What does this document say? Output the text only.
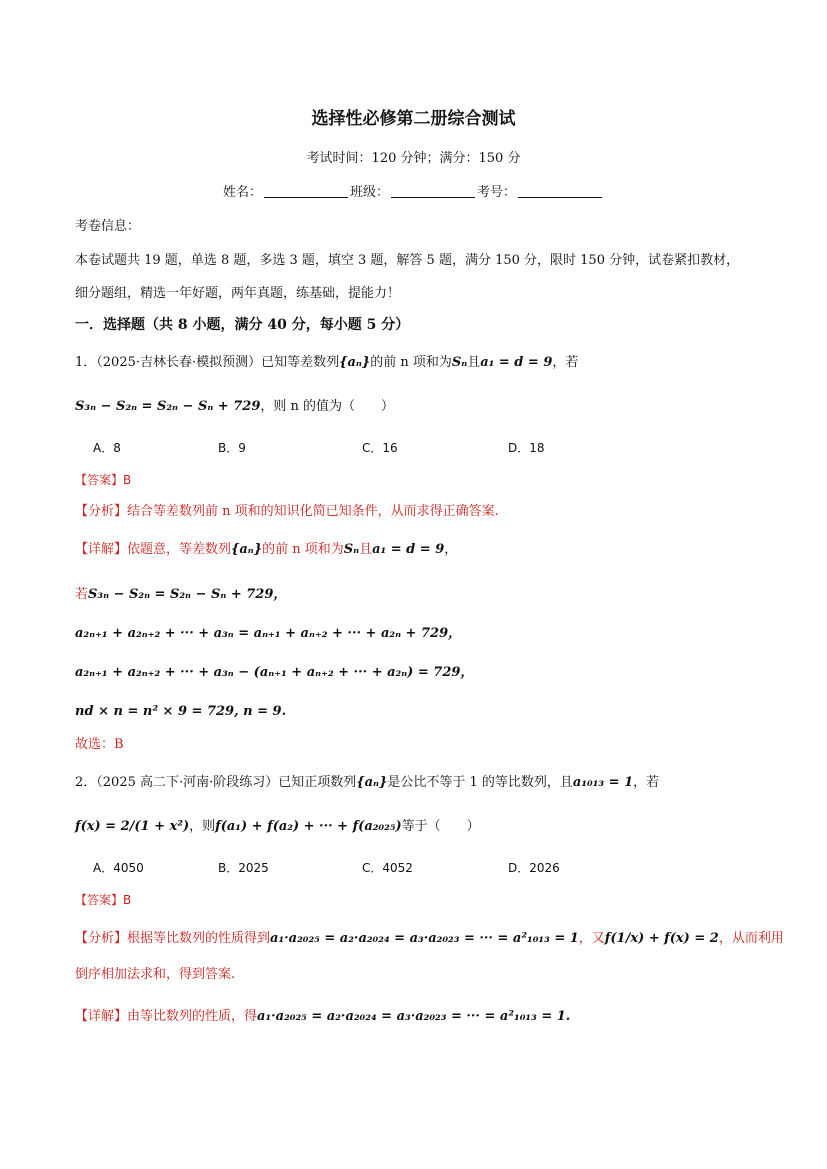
选择性必修第二册综合测试
考试时间：120 分钟；满分：150 分
姓名：	班级：	考号：
考卷信息：
本卷试题共 19 题，单选 8 题，多选 3 题，填空 3 题，解答 5 题，满分 150 分，限时 150 分钟，试卷紧扣教材，
细分题组，精选一年好题，两年真题，练基础，提能力！
一．选择题（共 8 小题，满分 40 分，每小题 5 分）
1．（2025·吉林长春·模拟预测）已知等差数列{aₙ}的前 n 项和为Sₙ且a₁ = d = 9，若
S₃ₙ − S₂ₙ = S₂ₙ − Sₙ + 729，则 n 的值为（　　）
A．8	B．9	C．16	D．18
【答案】B
【分析】结合等差数列前 n 项和的知识化简已知条件，从而求得正确答案.
【详解】依题意，等差数列{aₙ}的前 n 项和为Sₙ且a₁ = d = 9，
若S₃ₙ − S₂ₙ = S₂ₙ − Sₙ + 729，
a₂ₙ₊₁ + a₂ₙ₊₂ + ··· + a₃ₙ = aₙ₊₁ + aₙ₊₂ + ··· + a₂ₙ + 729，
a₂ₙ₊₁ + a₂ₙ₊₂ + ··· + a₃ₙ − (aₙ₊₁ + aₙ₊₂ + ··· + a₂ₙ) = 729，
nd × n = n² × 9 = 729, n = 9.
故选：B
2．（2025 高二下·河南·阶段练习）已知正项数列{aₙ}是公比不等于 1 的等比数列，且a₁₀₁₃ = 1，若
f(x) = 2/(1 + x²)，则f(a₁) + f(a₂) + ··· + f(a₂₀₂₅)等于（　　）
A．4050	B．2025	C．4052	D．2026
【答案】B
【分析】根据等比数列的性质得到a₁·a₂₀₂₅ = a₂·a₂₀₂₄ = a₃·a₂₀₂₃ = ··· = a²₁₀₁₃ = 1，又f(1/x) + f(x) = 2，从而利用
倒序相加法求和，得到答案.
【详解】由等比数列的性质，得a₁·a₂₀₂₅ = a₂·a₂₀₂₄ = a₃·a₂₀₂₃ = ··· = a²₁₀₁₃ = 1.
